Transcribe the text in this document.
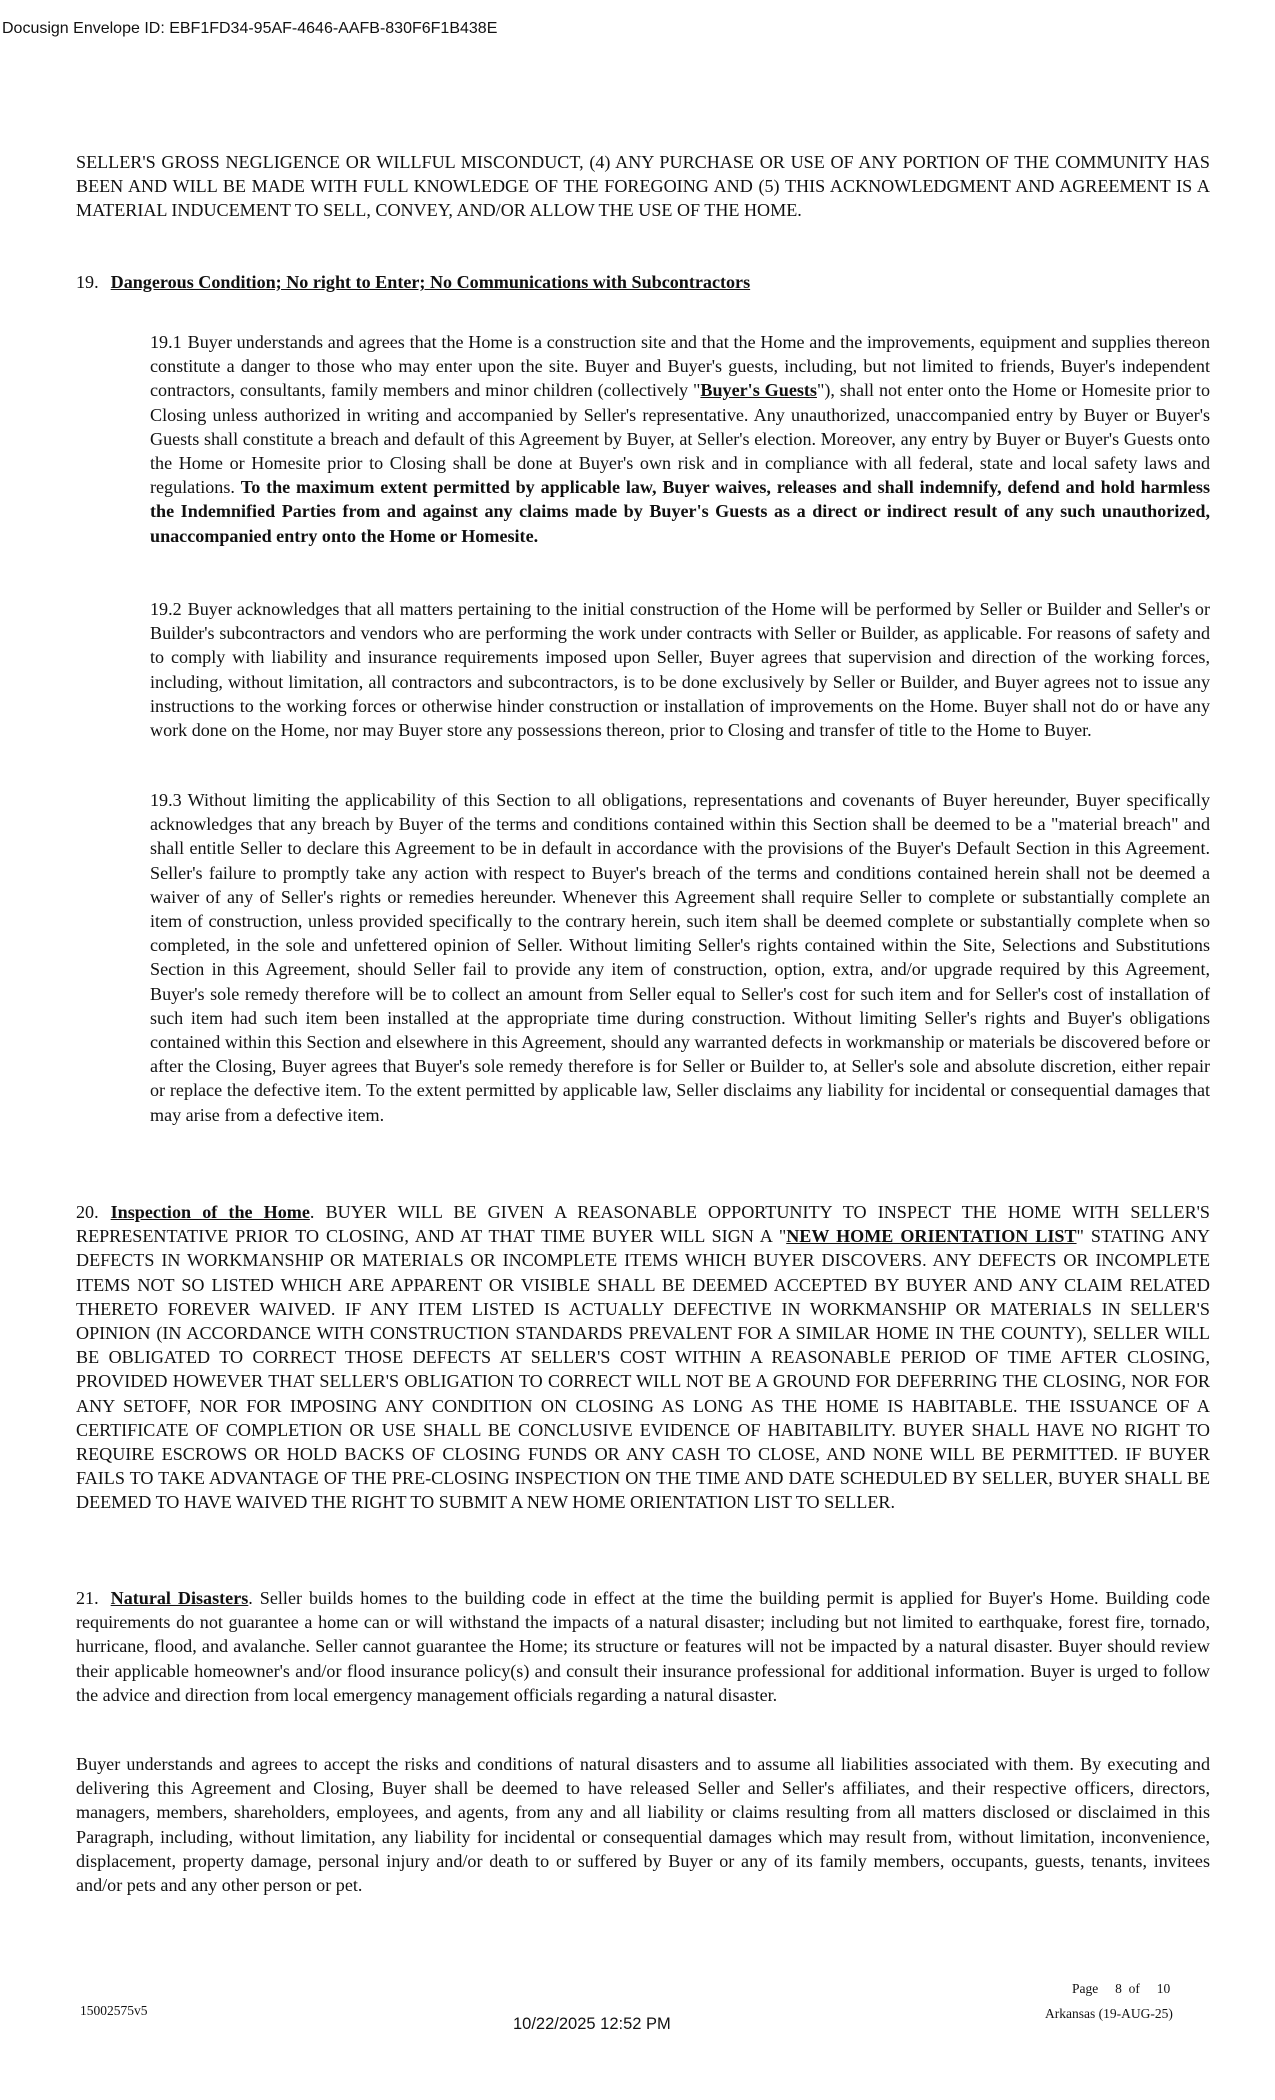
Docusign Envelope ID: EBF1FD34-95AF-4646-AAFB-830F6F1B438E
SELLER'S GROSS NEGLIGENCE OR WILLFUL MISCONDUCT, (4) ANY PURCHASE OR USE OF ANY PORTION OF THE COMMUNITY HAS BEEN AND WILL BE MADE WITH FULL KNOWLEDGE OF THE FOREGOING AND (5) THIS ACKNOWLEDGMENT AND AGREEMENT IS A MATERIAL INDUCEMENT TO SELL, CONVEY, AND/OR ALLOW THE USE OF THE HOME.
19. Dangerous Condition; No right to Enter; No Communications with Subcontractors
19.1 Buyer understands and agrees that the Home is a construction site and that the Home and the improvements, equipment and supplies thereon constitute a danger to those who may enter upon the site. Buyer and Buyer's guests, including, but not limited to friends, Buyer's independent contractors, consultants, family members and minor children (collectively "Buyer's Guests"), shall not enter onto the Home or Homesite prior to Closing unless authorized in writing and accompanied by Seller's representative. Any unauthorized, unaccompanied entry by Buyer or Buyer's Guests shall constitute a breach and default of this Agreement by Buyer, at Seller's election. Moreover, any entry by Buyer or Buyer's Guests onto the Home or Homesite prior to Closing shall be done at Buyer's own risk and in compliance with all federal, state and local safety laws and regulations. To the maximum extent permitted by applicable law, Buyer waives, releases and shall indemnify, defend and hold harmless the Indemnified Parties from and against any claims made by Buyer's Guests as a direct or indirect result of any such unauthorized, unaccompanied entry onto the Home or Homesite.
19.2 Buyer acknowledges that all matters pertaining to the initial construction of the Home will be performed by Seller or Builder and Seller's or Builder's subcontractors and vendors who are performing the work under contracts with Seller or Builder, as applicable. For reasons of safety and to comply with liability and insurance requirements imposed upon Seller, Buyer agrees that supervision and direction of the working forces, including, without limitation, all contractors and subcontractors, is to be done exclusively by Seller or Builder, and Buyer agrees not to issue any instructions to the working forces or otherwise hinder construction or installation of improvements on the Home. Buyer shall not do or have any work done on the Home, nor may Buyer store any possessions thereon, prior to Closing and transfer of title to the Home to Buyer.
19.3 Without limiting the applicability of this Section to all obligations, representations and covenants of Buyer hereunder, Buyer specifically acknowledges that any breach by Buyer of the terms and conditions contained within this Section shall be deemed to be a "material breach" and shall entitle Seller to declare this Agreement to be in default in accordance with the provisions of the Buyer's Default Section in this Agreement. Seller's failure to promptly take any action with respect to Buyer's breach of the terms and conditions contained herein shall not be deemed a waiver of any of Seller's rights or remedies hereunder. Whenever this Agreement shall require Seller to complete or substantially complete an item of construction, unless provided specifically to the contrary herein, such item shall be deemed complete or substantially complete when so completed, in the sole and unfettered opinion of Seller. Without limiting Seller's rights contained within the Site, Selections and Substitutions Section in this Agreement, should Seller fail to provide any item of construction, option, extra, and/or upgrade required by this Agreement, Buyer's sole remedy therefore will be to collect an amount from Seller equal to Seller's cost for such item and for Seller's cost of installation of such item had such item been installed at the appropriate time during construction. Without limiting Seller's rights and Buyer's obligations contained within this Section and elsewhere in this Agreement, should any warranted defects in workmanship or materials be discovered before or after the Closing, Buyer agrees that Buyer's sole remedy therefore is for Seller or Builder to, at Seller's sole and absolute discretion, either repair or replace the defective item. To the extent permitted by applicable law, Seller disclaims any liability for incidental or consequential damages that may arise from a defective item.
20. Inspection of the Home. BUYER WILL BE GIVEN A REASONABLE OPPORTUNITY TO INSPECT THE HOME WITH SELLER'S REPRESENTATIVE PRIOR TO CLOSING, AND AT THAT TIME BUYER WILL SIGN A "NEW HOME ORIENTATION LIST" STATING ANY DEFECTS IN WORKMANSHIP OR MATERIALS OR INCOMPLETE ITEMS WHICH BUYER DISCOVERS. ANY DEFECTS OR INCOMPLETE ITEMS NOT SO LISTED WHICH ARE APPARENT OR VISIBLE SHALL BE DEEMED ACCEPTED BY BUYER AND ANY CLAIM RELATED THERETO FOREVER WAIVED. IF ANY ITEM LISTED IS ACTUALLY DEFECTIVE IN WORKMANSHIP OR MATERIALS IN SELLER'S OPINION (IN ACCORDANCE WITH CONSTRUCTION STANDARDS PREVALENT FOR A SIMILAR HOME IN THE COUNTY), SELLER WILL BE OBLIGATED TO CORRECT THOSE DEFECTS AT SELLER'S COST WITHIN A REASONABLE PERIOD OF TIME AFTER CLOSING, PROVIDED HOWEVER THAT SELLER'S OBLIGATION TO CORRECT WILL NOT BE A GROUND FOR DEFERRING THE CLOSING, NOR FOR ANY SETOFF, NOR FOR IMPOSING ANY CONDITION ON CLOSING AS LONG AS THE HOME IS HABITABLE. THE ISSUANCE OF A CERTIFICATE OF COMPLETION OR USE SHALL BE CONCLUSIVE EVIDENCE OF HABITABILITY. BUYER SHALL HAVE NO RIGHT TO REQUIRE ESCROWS OR HOLD BACKS OF CLOSING FUNDS OR ANY CASH TO CLOSE, AND NONE WILL BE PERMITTED. IF BUYER FAILS TO TAKE ADVANTAGE OF THE PRE-CLOSING INSPECTION ON THE TIME AND DATE SCHEDULED BY SELLER, BUYER SHALL BE DEEMED TO HAVE WAIVED THE RIGHT TO SUBMIT A NEW HOME ORIENTATION LIST TO SELLER.
21. Natural Disasters. Seller builds homes to the building code in effect at the time the building permit is applied for Buyer's Home. Building code requirements do not guarantee a home can or will withstand the impacts of a natural disaster; including but not limited to earthquake, forest fire, tornado, hurricane, flood, and avalanche. Seller cannot guarantee the Home; its structure or features will not be impacted by a natural disaster. Buyer should review their applicable homeowner's and/or flood insurance policy(s) and consult their insurance professional for additional information. Buyer is urged to follow the advice and direction from local emergency management officials regarding a natural disaster.
Buyer understands and agrees to accept the risks and conditions of natural disasters and to assume all liabilities associated with them. By executing and delivering this Agreement and Closing, Buyer shall be deemed to have released Seller and Seller's affiliates, and their respective officers, directors, managers, members, shareholders, employees, and agents, from any and all liability or claims resulting from all matters disclosed or disclaimed in this Paragraph, including, without limitation, any liability for incidental or consequential damages which may result from, without limitation, inconvenience, displacement, property damage, personal injury and/or death to or suffered by Buyer or any of its family members, occupants, guests, tenants, invitees and/or pets and any other person or pet.
15002575v5
Page 8 of 10
Arkansas (19-AUG-25)
10/22/2025 12:52 PM
